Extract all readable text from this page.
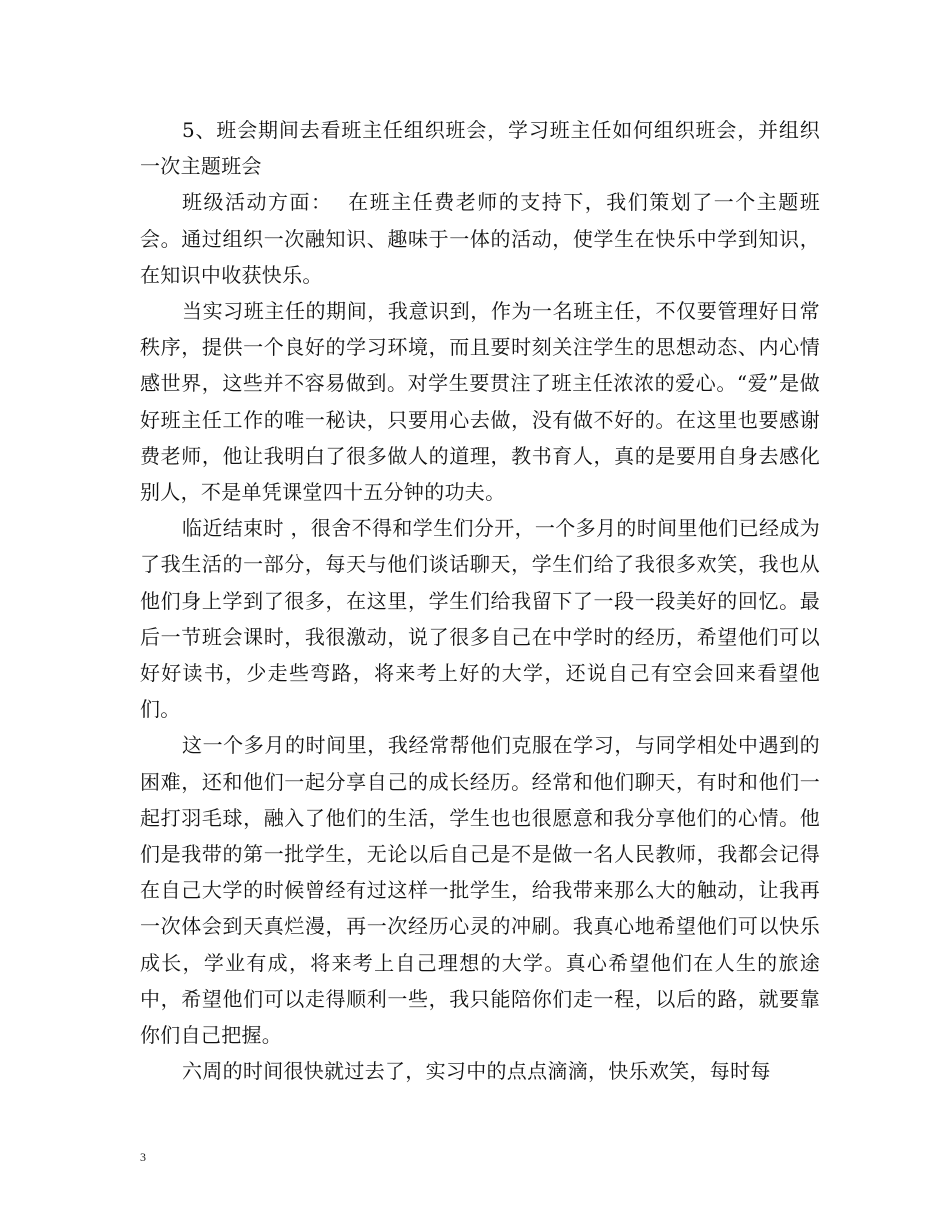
5、班会期间去看班主任组织班会，学习班主任如何组织班会，并组织一次主题班会

班级活动方面：  在班主任费老师的支持下，我们策划了一个主题班会。通过组织一次融知识、趣味于一体的活动，使学生在快乐中学到知识，在知识中收获快乐。

当实习班主任的期间，我意识到，作为一名班主任，不仅要管理好日常秩序，提供一个良好的学习环境，而且要时刻关注学生的思想动态、内心情感世界，这些并不容易做到。对学生要贯注了班主任浓浓的爱心。“爱”是做好班主任工作的唯一秘诀，只要用心去做，没有做不好的。在这里也要感谢费老师，他让我明白了很多做人的道理，教书育人，真的是要用自身去感化别人，不是单凭课堂四十五分钟的功夫。

临近结束时 ，很舍不得和学生们分开，一个多月的时间里他们已经成为了我生活的一部分，每天与他们谈话聊天，学生们给了我很多欢笑，我也从他们身上学到了很多，在这里，学生们给我留下了一段一段美好的回忆。最后一节班会课时，我很激动，说了很多自己在中学时的经历，希望他们可以好好读书，少走些弯路，将来考上好的大学，还说自己有空会回来看望他们。

这一个多月的时间里，我经常帮他们克服在学习，与同学相处中遇到的困难，还和他们一起分享自己的成长经历。经常和他们聊天，有时和他们一起打羽毛球，融入了他们的生活，学生也也很愿意和我分享他们的心情。他们是我带的第一批学生，无论以后自己是不是做一名人民教师，我都会记得在自己大学的时候曾经有过这样一批学生，给我带来那么大的触动，让我再一次体会到天真烂漫，再一次经历心灵的冲刷。我真心地希望他们可以快乐成长，学业有成，将来考上自己理想的大学。真心希望他们在人生的旅途中，希望他们可以走得顺利一些，我只能陪你们走一程，以后的路，就要靠你们自己把握。

六周的时间很快就过去了，实习中的点点滴滴，快乐欢笑，每时每

3
